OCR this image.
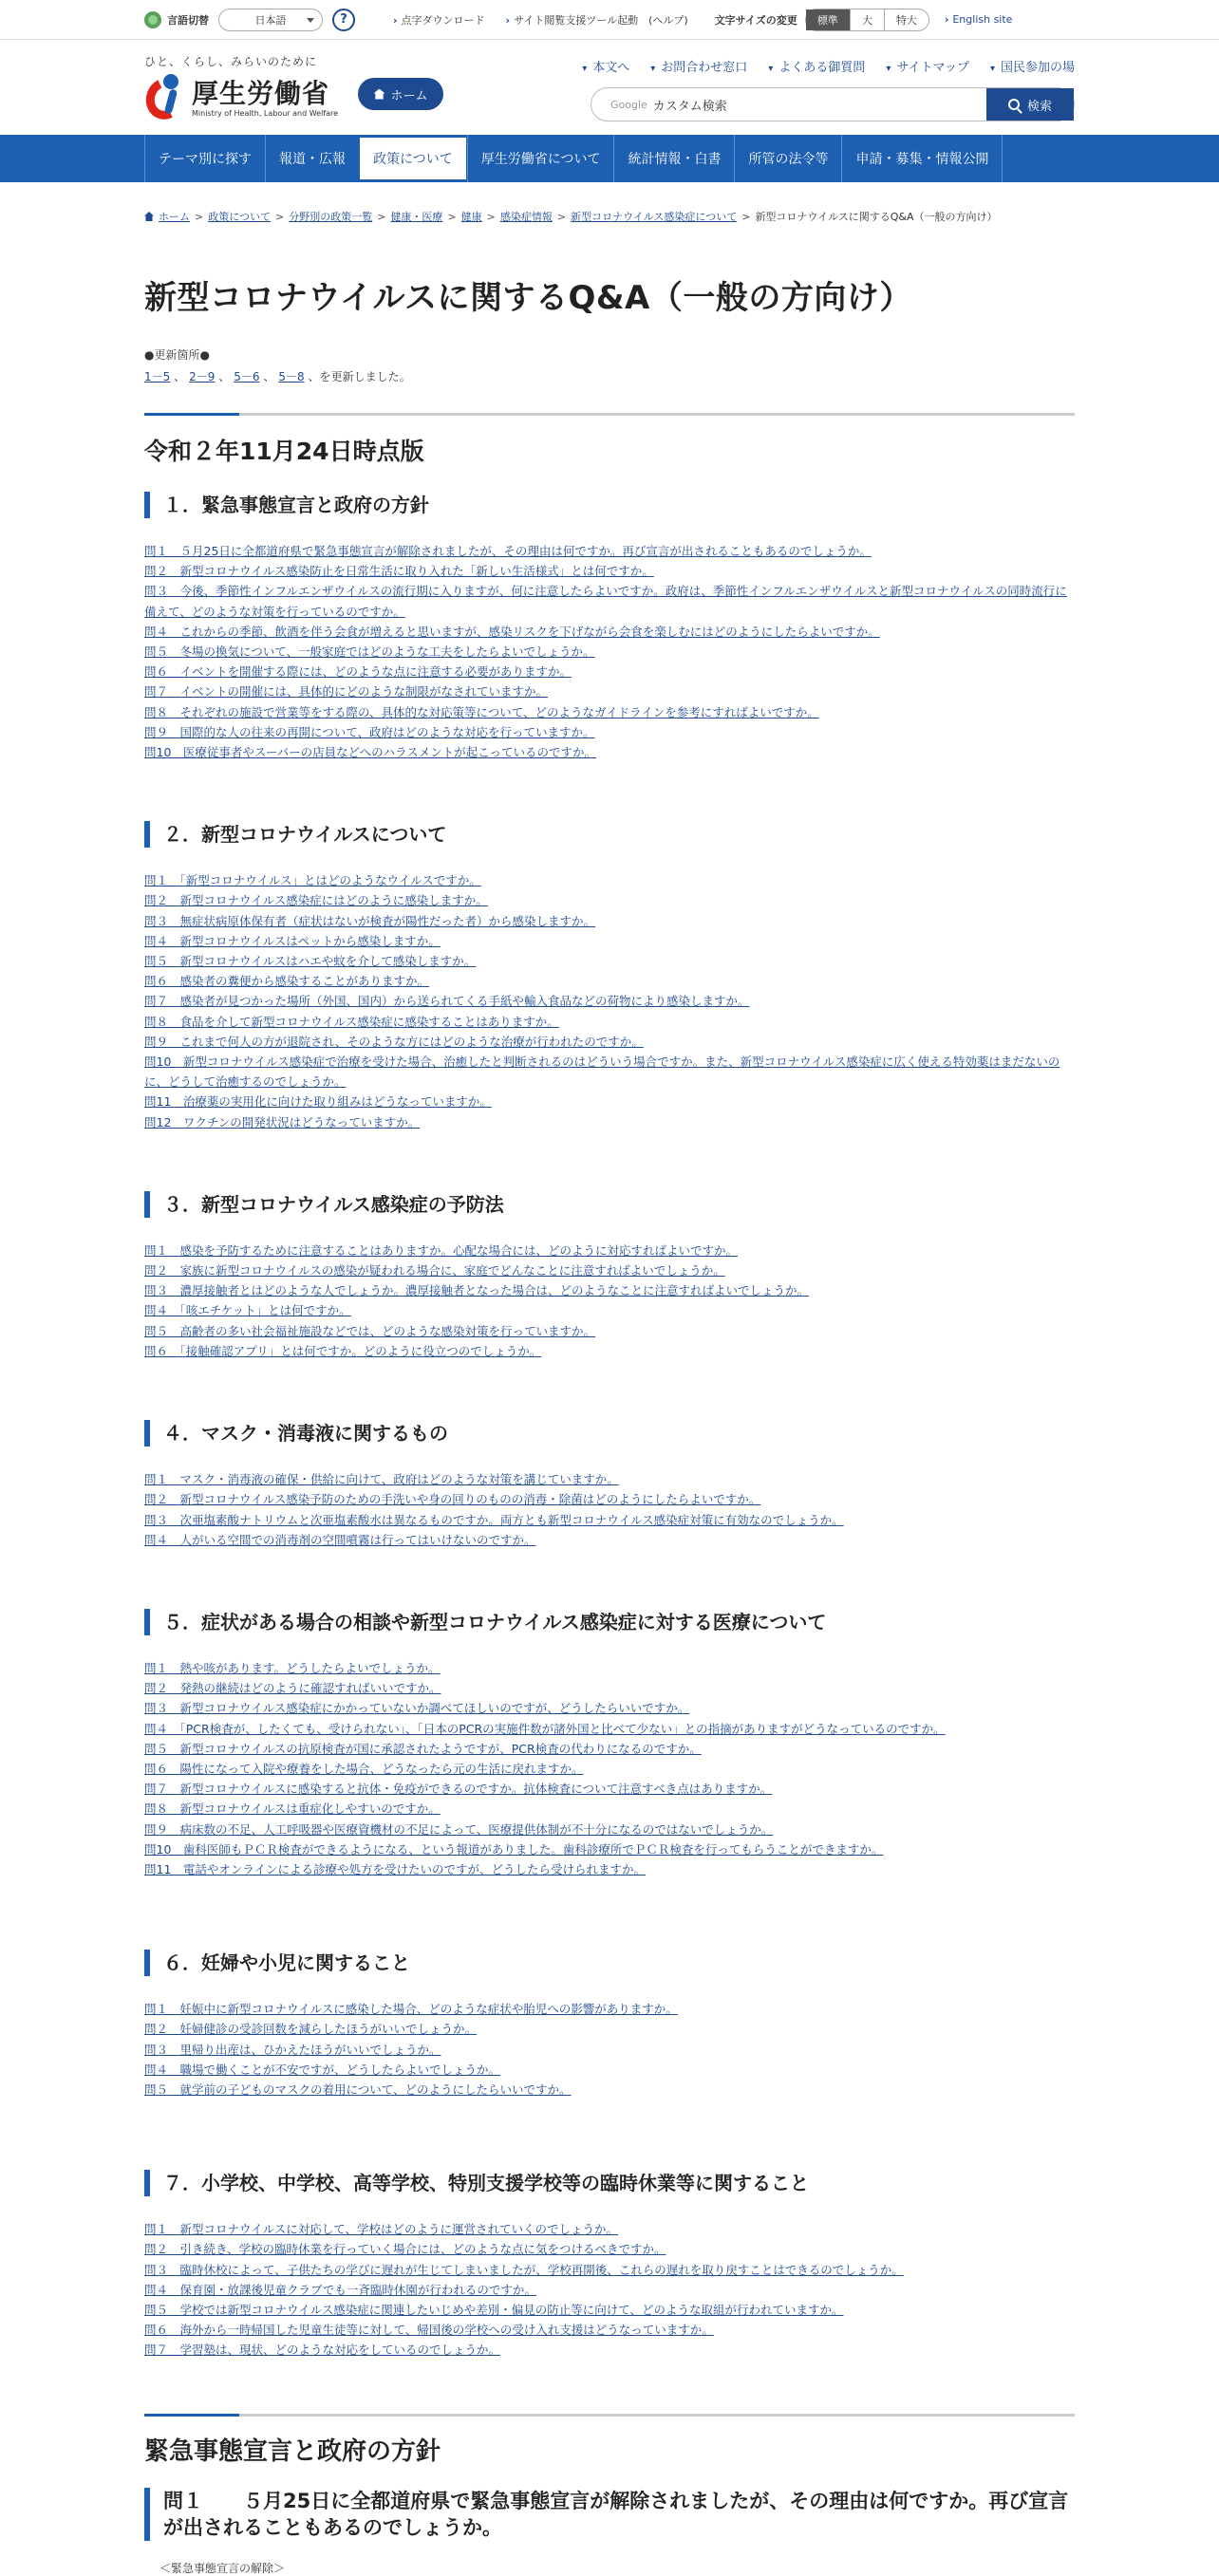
言語切替	日本語	?	› 点字ダウンロード	› サイト閲覧支援ツール起動　(ヘルプ)	文字サイズの変更	標準	大	特大	› English site
ひと、くらし、みらいのために
厚生労働省
Ministry of Health, Labour and Welfare
ホーム
▾ 本文へ	▾ お問合わせ窓口	▾ よくある御質問	▾ サイトマップ	▾ 国民参加の場
Google カスタム検索	検索
テーマ別に探す	報道・広報	政策について	厚生労働省について	統計情報・白書	所管の法令等	申請・募集・情報公開
ホーム > 政策について > 分野別の政策一覧 > 健康・医療 > 健康 > 感染症情報 > 新型コロナウイルス感染症について > 新型コロナウイルスに関するQ&A（一般の方向け）
新型コロナウイルスに関するQ&A（一般の方向け）
●更新箇所●
1－5 、 2－9 、 5－6 、 5－8 、を更新しました。
令和２年11月24日時点版
１．緊急事態宣言と政府の方針
問１　５月25日に全都道府県で緊急事態宣言が解除されましたが、その理由は何ですか。再び宣言が出されることもあるのでしょうか。
問２　新型コロナウイルス感染防止を日常生活に取り入れた「新しい生活様式」とは何ですか。
問３　今後、季節性インフルエンザウイルスの流行期に入りますが、何に注意したらよいですか。政府は、季節性インフルエンザウイルスと新型コロナウイルスの同時流行に備えて、どのような対策を行っているのですか。
問４　これからの季節、飲酒を伴う会食が増えると思いますが、感染リスクを下げながら会食を楽しむにはどのようにしたらよいですか。
問５　冬場の換気について、一般家庭ではどのような工夫をしたらよいでしょうか。
問６　イベントを開催する際には、どのような点に注意する必要がありますか。
問７　イベントの開催には、具体的にどのような制限がなされていますか。
問８　それぞれの施設で営業等をする際の、具体的な対応策等について、どのようなガイドラインを参考にすればよいですか。
問９　国際的な人の往来の再開について、政府はどのような対応を行っていますか。
問10　医療従事者やスーパーの店員などへのハラスメントが起こっているのですか。
２．新型コロナウイルスについて
問１　「新型コロナウイルス」とはどのようなウイルスですか。
問２　新型コロナウイルス感染症にはどのように感染しますか。
問３　無症状病原体保有者（症状はないが検査が陽性だった者）から感染しますか。
問４　新型コロナウイルスはペットから感染しますか。
問５　新型コロナウイルスはハエや蚊を介して感染しますか。
問６　感染者の糞便から感染することがありますか。
問７　感染者が見つかった場所（外国、国内）から送られてくる手紙や輸入食品などの荷物により感染しますか。
問８　食品を介して新型コロナウイルス感染症に感染することはありますか。
問９　これまで何人の方が退院され、そのような方にはどのような治療が行われたのですか。
問10　新型コロナウイルス感染症で治療を受けた場合、治癒したと判断されるのはどういう場合ですか。また、新型コロナウイルス感染症に広く使える特効薬はまだないのに、どうして治癒するのでしょうか。
問11　治療薬の実用化に向けた取り組みはどうなっていますか。
問12　ワクチンの開発状況はどうなっていますか。
３．新型コロナウイルス感染症の予防法
問１　感染を予防するために注意することはありますか。心配な場合には、どのように対応すればよいですか。
問２　家族に新型コロナウイルスの感染が疑われる場合に、家庭でどんなことに注意すればよいでしょうか。
問３　濃厚接触者とはどのような人でしょうか。濃厚接触者となった場合は、どのようなことに注意すればよいでしょうか。
問４　「咳エチケット」とは何ですか。
問５　高齢者の多い社会福祉施設などでは、どのような感染対策を行っていますか。
問６　「接触確認アプリ」とは何ですか。どのように役立つのでしょうか。
４．マスク・消毒液に関するもの
問１　マスク・消毒液の確保・供給に向けて、政府はどのような対策を講じていますか。
問２　新型コロナウイルス感染予防のための手洗いや身の回りのものの消毒・除菌はどのようにしたらよいですか。
問３　次亜塩素酸ナトリウムと次亜塩素酸水は異なるものですか。両方とも新型コロナウイルス感染症対策に有効なのでしょうか。
問４　人がいる空間での消毒剤の空間噴霧は行ってはいけないのですか。
５．症状がある場合の相談や新型コロナウイルス感染症に対する医療について
問１　熱や咳があります。どうしたらよいでしょうか。
問２　発熱の継続はどのように確認すればいいですか。
問３　新型コロナウイルス感染症にかかっていないか調べてほしいのですが、どうしたらいいですか。
問４　「PCR検査が、したくても、受けられない」、「日本のPCRの実施件数が諸外国と比べて少ない」との指摘がありますがどうなっているのですか。
問５　新型コロナウイルスの抗原検査が国に承認されたようですが、PCR検査の代わりになるのですか。
問６　陽性になって入院や療養をした場合、どうなったら元の生活に戻れますか。
問７　新型コロナウイルスに感染すると抗体・免疫ができるのですか。抗体検査について注意すべき点はありますか。
問８　新型コロナウイルスは重症化しやすいのですか。
問９　病床数の不足、人工呼吸器や医療資機材の不足によって、医療提供体制が不十分になるのではないでしょうか。
問10　歯科医師もＰＣＲ検査ができるようになる、という報道がありました。歯科診療所でＰＣＲ検査を行ってもらうことができますか。
問11　電話やオンラインによる診療や処方を受けたいのですが、どうしたら受けられますか。
６．妊婦や小児に関すること
問１　妊娠中に新型コロナウイルスに感染した場合、どのような症状や胎児への影響がありますか。
問２　妊婦健診の受診回数を減らしたほうがいいでしょうか。
問３　里帰り出産は、ひかえたほうがいいでしょうか。
問４　職場で働くことが不安ですが、どうしたらよいでしょうか。
問５　就学前の子どものマスクの着用について、どのようにしたらいいですか。
７．小学校、中学校、高等学校、特別支援学校等の臨時休業等に関すること
問１　新型コロナウイルスに対応して、学校はどのように運営されていくのでしょうか。
問２　引き続き、学校の臨時休業を行っていく場合には、どのような点に気をつけるべきですか。
問３　臨時休校によって、子供たちの学びに遅れが生じてしまいましたが、学校再開後、これらの遅れを取り戻すことはできるのでしょうか。
問４　保育園・放課後児童クラブでも一斉臨時休園が行われるのですか。
問５　学校では新型コロナウイルス感染症に関連したいじめや差別・偏見の防止等に向けて、どのような取組が行われていますか。
問６　海外から一時帰国した児童生徒等に対して、帰国後の学校への受け入れ支援はどうなっていますか。
問７　学習塾は、現状、どのような対応をしているのでしょうか。
緊急事態宣言と政府の方針
問１　　５月25日に全都道府県で緊急事態宣言が解除されましたが、その理由は何ですか。再び宣言が出されることもあるのでしょうか。
＜緊急事態宣言の解除＞
